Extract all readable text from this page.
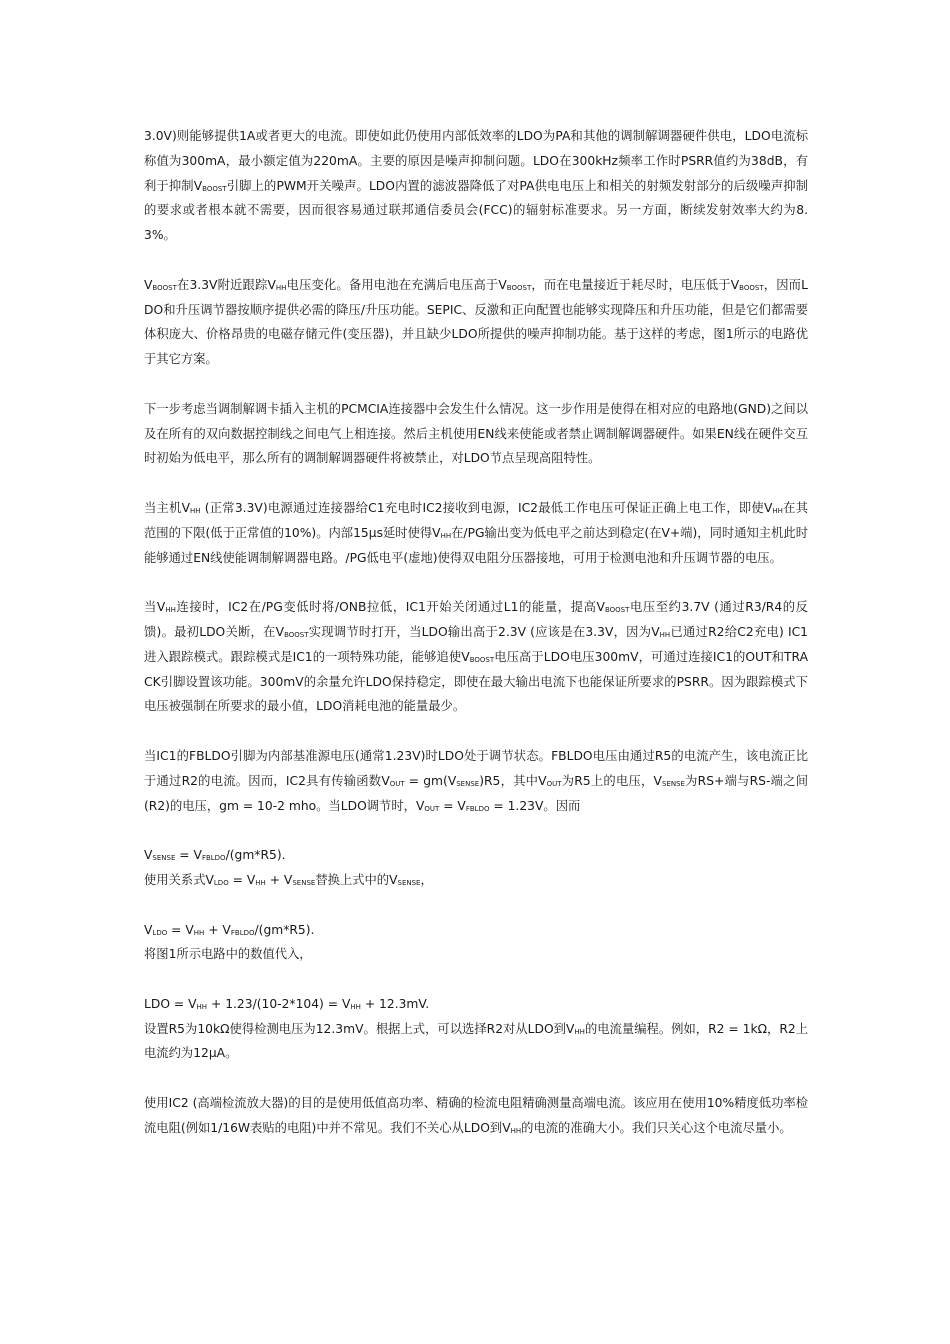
3.0V)则能够提供1A或者更大的电流。即使如此仍使用内部低效率的LDO为PA和其他的调制解调器硬件供电，LDO电流标称值为300mA，最小额定值为220mA。主要的原因是噪声抑制问题。LDO在300kHz频率工作时PSRR值约为38dB，有利于抑制$V_{BOOST}$引脚上的PWM开关噪声。LDO内置的滤波器降低了对PA供电电压上和相关的射频发射部分的后级噪声抑制的要求或者根本就不需要，因而很容易通过联邦通信委员会(FCC)的辐射标准要求。另一方面，断续发射效率大约为8.3%。

$V_{BOOST}$在3.3V附近跟踪$V_{HH}$电压变化。备用电池在充满后电压高于$V_{BOOST}$，而在电量接近于耗尽时，电压低于$V_{BOOST}$，因而LDO和升压调节器按顺序提供必需的降压/升压功能。SEPIC、反激和正向配置也能够实现降压和升压功能，但是它们都需要体积庞大、价格昂贵的电磁存储元件(变压器)，并且缺少LDO所提供的噪声抑制功能。基于这样的考虑，图1所示的电路优于其它方案。

下一步考虑当调制解调卡插入主机的PCMCIA连接器中会发生什么情况。这一步作用是使得在相对应的电路地(GND)之间以及在所有的双向数据控制线之间电气上相连接。然后主机使用EN线来使能或者禁止调制解调器硬件。如果EN线在硬件交互时初始为低电平，那么所有的调制解调器硬件将被禁止，对LDO节点呈现高阻特性。

当主机$V_{HH}$ (正常3.3V)电源通过连接器给C1充电时IC2接收到电源，IC2最低工作电压可保证正确上电工作，即使$V_{HH}$在其范围的下限(低于正常值的10%)。内部15µs延时使得$V_{HH}$在/PG输出变为低电平之前达到稳定(在V+端)，同时通知主机此时能够通过EN线使能调制解调器电路。/PG低电平(虚地)使得双电阻分压器接地，可用于检测电池和升压调节器的电压。

当$V_{HH}$连接时，IC2在/PG变低时将/ONB拉低，IC1开始关闭通过L1的能量，提高$V_{BOOST}$电压至约3.7V (通过R3/R4的反馈)。最初LDO关断，在$V_{BOOST}$实现调节时打开，当LDO输出高于2.3V (应该是在3.3V，因为$V_{HH}$已通过R2给C2充电) IC1进入跟踪模式。跟踪模式是IC1的一项特殊功能，能够追使$V_{BOOST}$电压高于LDO电压300mV，可通过连接IC1的OUT和TRACK引脚设置该功能。300mV的余量允许LDO保持稳定，即使在最大输出电流下也能保证所要求的PSRR。因为跟踪模式下电压被强制在所要求的最小值，LDO消耗电池的能量最少。

当IC1的FBLDO引脚为内部基准源电压(通常1.23V)时LDO处于调节状态。FBLDO电压由通过R5的电流产生，该电流正比于通过R2的电流。因而，IC2具有传输函数$V_{OUT} = gm(V_{SENSE})R5$，其中$V_{OUT}$为R5上的电压，$V_{SENSE}$为RS+端与RS-端之间(R2)的电压，gm = 10-2 mho。当LDO调节时，$V_{OUT} = V_{FBLDO} = 1.23V$。因而

$V_{SENSE} = V_{FBLDO}/(gm*R5)$.
使用关系式$V_{LDO} = V_{HH} + V_{SENSE}$替换上式中的$V_{SENSE}$，

$V_{LDO} = V_{HH} + V_{FBLDO}/(gm*R5)$.
将图1所示电路中的数值代入，

LDO = $V_{HH} + 1.23/(10-2*104) = V_{HH} + 12.3mV$.
设置R5为10kΩ使得检测电压为12.3mV。根据上式，可以选择R2对从LDO到$V_{HH}$的电流量编程。例如，R2 = 1kΩ，R2上电流约为12µA。

使用IC2 (高端检流放大器)的目的是使用低值高功率、精确的检流电阻精确测量高端电流。该应用在使用10%精度低功率检流电阻(例如1/16W表贴的电阻)中并不常见。我们不关心从LDO到$V_{HH}$的电流的准确大小。我们只关心这个电流尽量小。
